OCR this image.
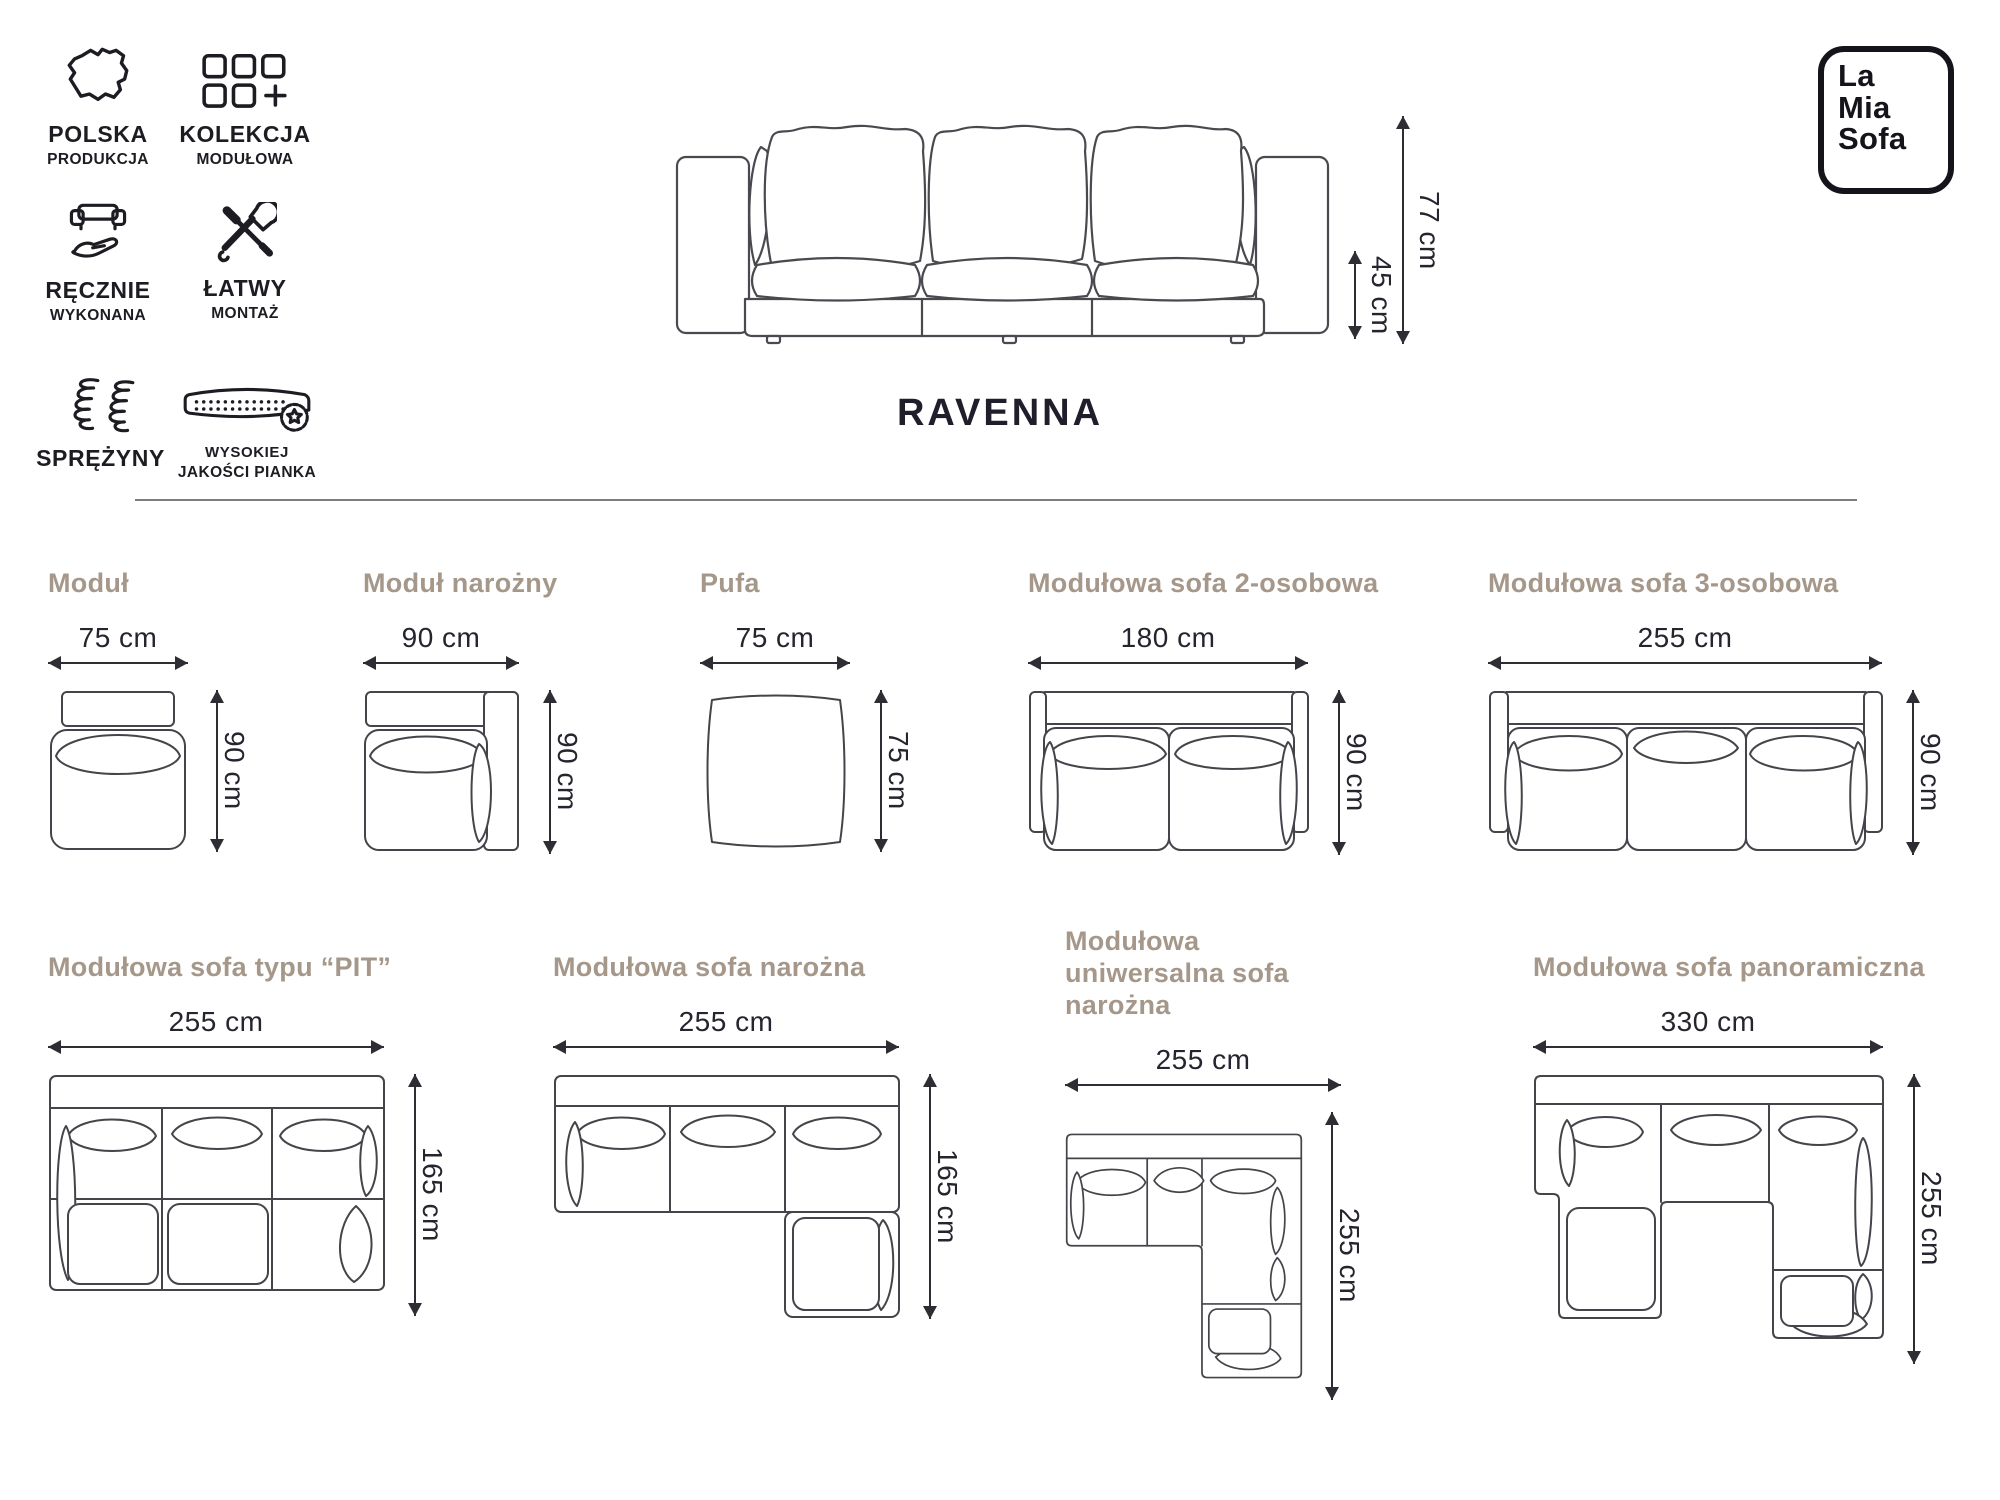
POLSKA
PRODUKCJA
KOLEKCJA
MODUŁOWA
RĘCZNIE
WYKONANA
ŁATWY
MONTAŻ
SPRĘŻYNY	WYSOKIEJ
JAKOŚCI PIANKA
La
Mia
Sofa
45 cm
77 cm
RAVENNA
Moduł
75 cm
90 cm
Moduł narożny
90 cm
90 cm
Pufa
75 cm
75 cm
Modułowa sofa 2-osobowa
180 cm
90 cm
Modułowa sofa 3-osobowa
255 cm
90 cm
Modułowa sofa typu “PIT”
255 cm
165 cm
Modułowa sofa narożna
255 cm
165 cm
Modułowa uniwersalna sofa narożna
255 cm
255 cm
Modułowa sofa panoramiczna
330 cm
255 cm
